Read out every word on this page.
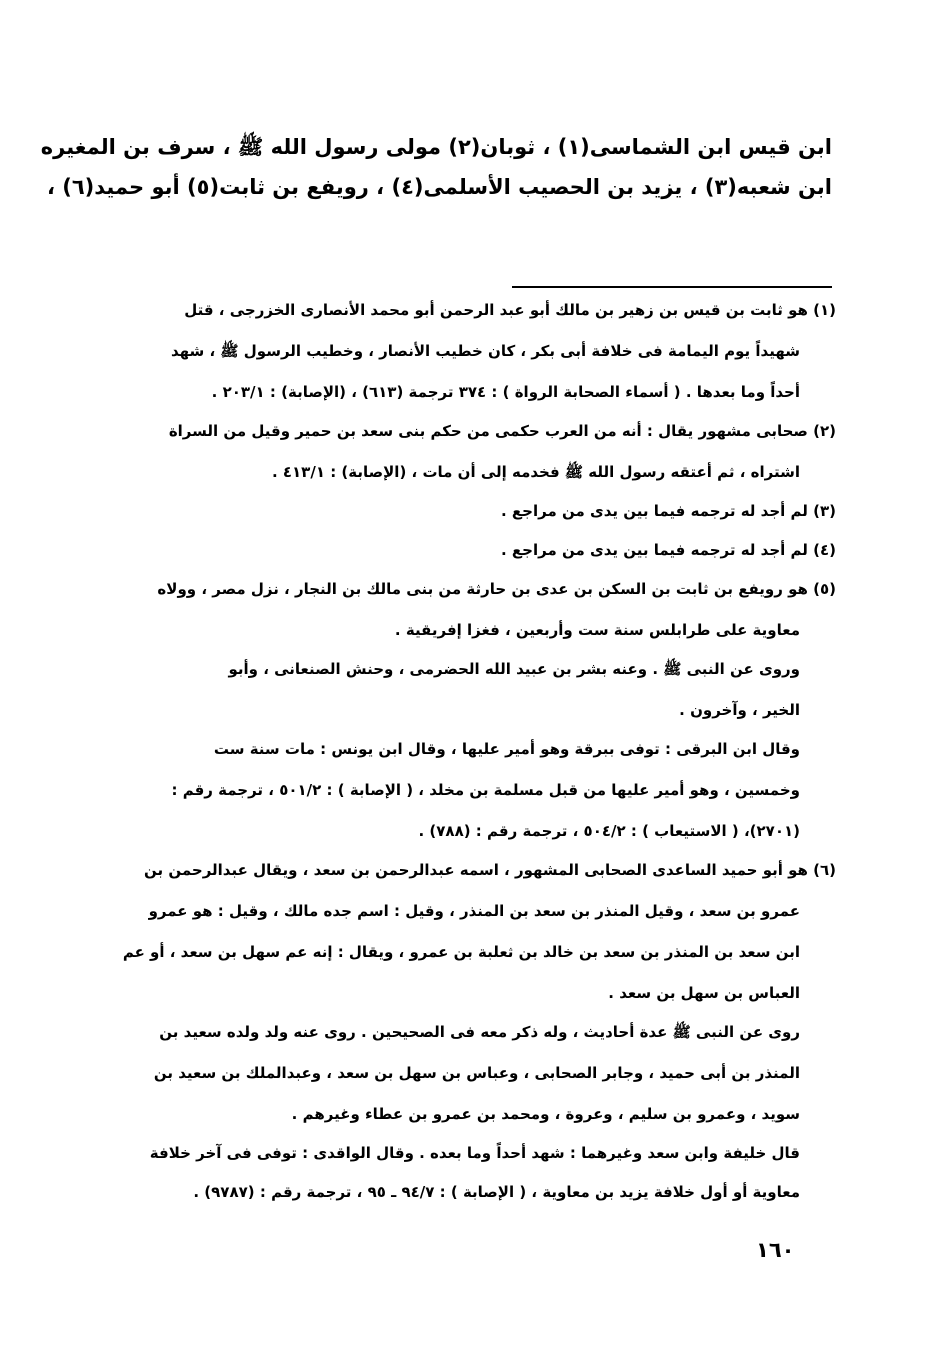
ابن قيس ابن الشماسى(١) ، ثوبان(٢) مولى رسول الله ﷺ ، سرف بن المغيره

ابن شعبه(٣) ، يزيد بن الحصيب الأسلمى(٤) ، رويفع بن ثابت(٥) أبو حميد(٦) ،

(١) هو ثابت بن قيس بن زهير بن مالك أبو عبد الرحمن أبو محمد الأنصارى الخزرجى ، قتل

شهيداً يوم اليمامة فى خلافة أبى بكر ، كان خطيب الأنصار ، وخطيب الرسول ﷺ ، شهد

أحداً وما بعدها . ( أسماء الصحابة الرواة ) : ٣٧٤ ترجمة (٦١٣) ، (الإصابة) : ٢٠٣/١ .

(٢) صحابى مشهور يقال : أنه من العرب حكمى من حكم بنى سعد بن حمير وقيل من السراة

اشتراه ، ثم أعتقه رسول الله ﷺ فخدمه إلى أن مات ، (الإصابة) : ٤١٣/١ .

(٣) لم أجد له ترجمه فيما بين يدى من مراجع .

(٤) لم أجد له ترجمه فيما بين يدى من مراجع .

(٥) هو رويفع بن ثابت بن السكن بن عدى بن حارثة من بنى مالك بن النجار ، نزل مصر ، وولاه

معاوية على طرابلس سنة ست وأربعين ، فغزا إفريقية .

وروى عن النبى ﷺ . وعنه بشر بن عبيد الله الحضرمى ، وحنش الصنعانى ، وأبو

الخير ، وآخرون .

وقال ابن البرقى : توفى ببرقة وهو أمير عليها ، وقال ابن يونس : مات سنة ست

وخمسين ، وهو أمير عليها من قبل مسلمة بن مخلد ، ( الإصابة ) : ٥٠١/٢ ، ترجمة رقم :

(٢٧٠١)، ( الاستيعاب ) : ٥٠٤/٢ ، ترجمة رقم : (٧٨٨) .

(٦) هو أبو حميد الساعدى الصحابى المشهور ، اسمه عبدالرحمن بن سعد ، ويقال عبدالرحمن بن

عمرو بن سعد ، وقيل المنذر بن سعد بن المنذر ، وقيل : اسم جده مالك ، وقيل : هو عمرو

ابن سعد بن المنذر بن سعد بن خالد بن ثعلبة بن عمرو ، ويقال : إنه عم سهل بن سعد ، أو عم

العباس بن سهل بن سعد .

روى عن النبى ﷺ عدة أحاديث ، وله ذكر معه فى الصحيحين . روى عنه ولد ولده سعيد بن

المنذر بن أبى حميد ، وجابر الصحابى ، وعباس بن سهل بن سعد ، وعبدالملك بن سعيد بن

سويد ، وعمرو بن سليم ، وعروة ، ومحمد بن عمرو بن عطاء وغيرهم .

قال خليفة وابن سعد وغيرهما : شهد أحداً وما بعده . وقال الواقدى : توفى فى آخر خلافة

معاوية أو أول خلافة يزيد بن معاوية ، ( الإصابة ) : ٩٤/٧ ـ ٩٥ ، ترجمة رقم : (٩٧٨٧) .

١٦٠
